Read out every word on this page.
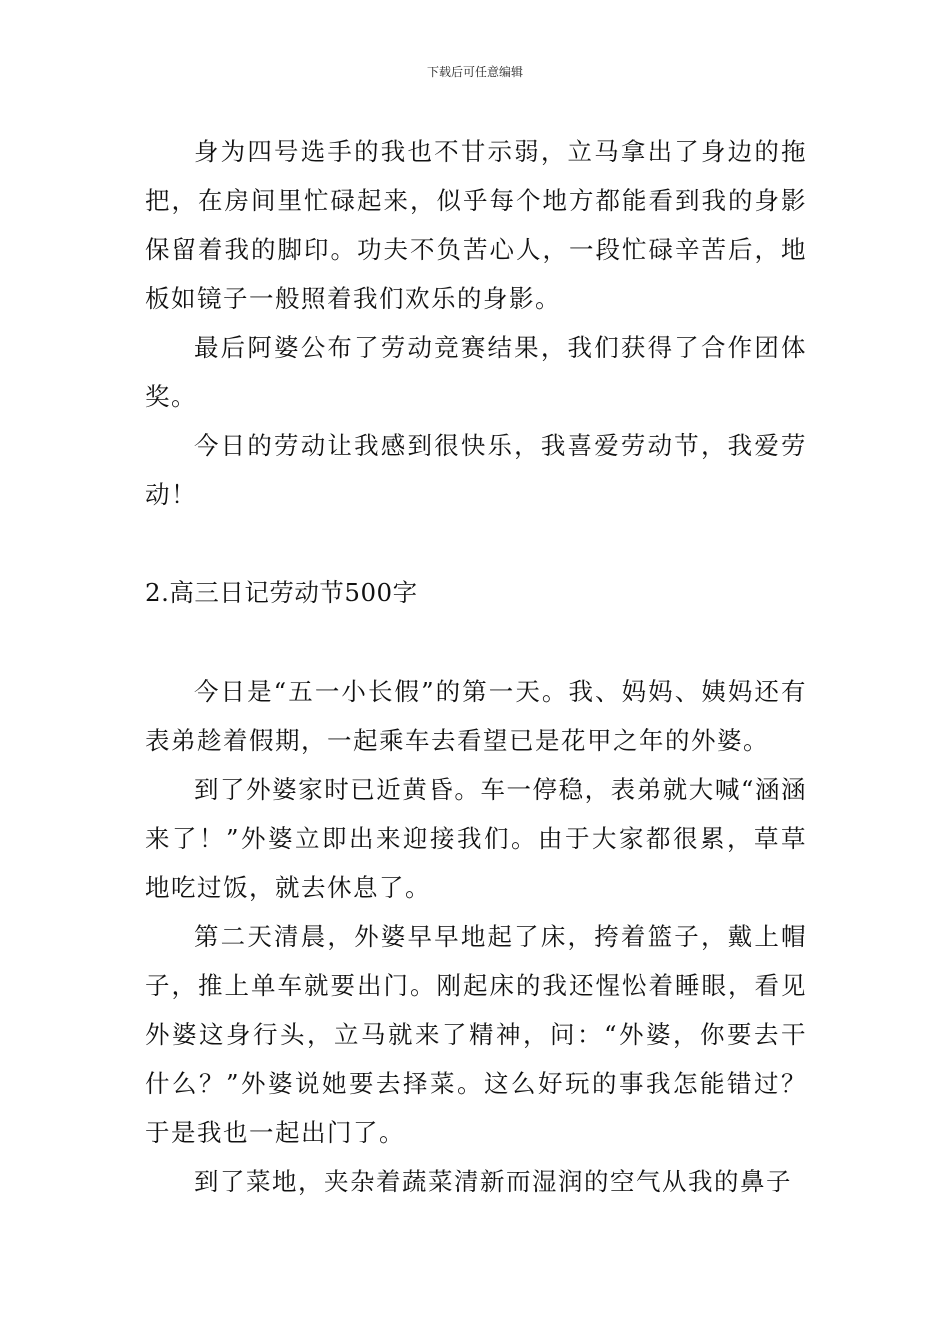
下载后可任意编辑

身为四号选手的我也不甘示弱，立马拿出了身边的拖把，在房间里忙碌起来，似乎每个地方都能看到我的身影保留着我的脚印。功夫不负苦心人，一段忙碌辛苦后，地板如镜子一般照着我们欢乐的身影。

最后阿婆公布了劳动竞赛结果，我们获得了合作团体奖。

今日的劳动让我感到很快乐，我喜爱劳动节，我爱劳动！

2.高三日记劳动节500字

今日是“五一小长假”的第一天。我、妈妈、姨妈还有表弟趁着假期，一起乘车去看望已是花甲之年的外婆。

到了外婆家时已近黄昏。车一停稳，表弟就大喊“涵涵来了！”外婆立即出来迎接我们。由于大家都很累，草草地吃过饭，就去休息了。

第二天清晨，外婆早早地起了床，挎着篮子，戴上帽子，推上单车就要出门。刚起床的我还惺忪着睡眼，看见外婆这身行头，立马就来了精神，问：“外婆，你要去干什么？”外婆说她要去择菜。这么好玩的事我怎能错过？于是我也一起出门了。

到了菜地，夹杂着蔬菜清新而湿润的空气从我的鼻子
